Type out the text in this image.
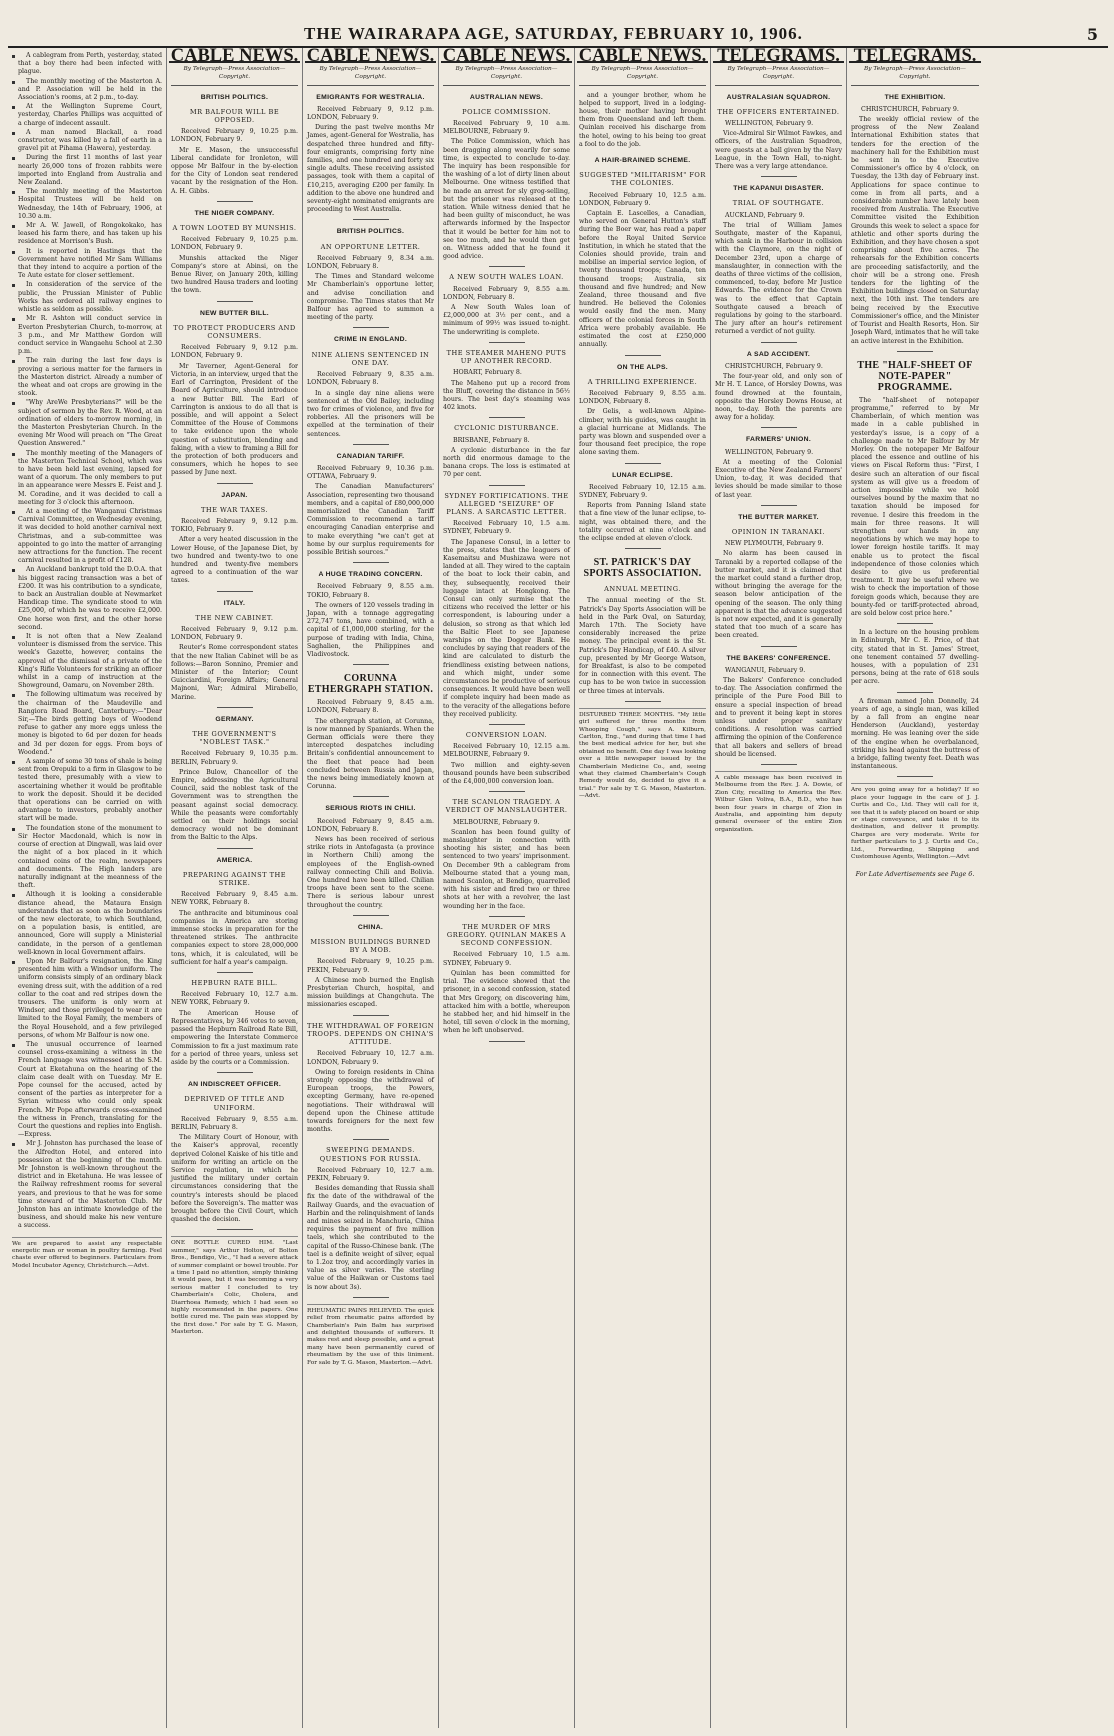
THE WAIRARAPA AGE, SATURDAY, FEBRUARY 10, 1906.	5

A cablegram from Perth, yesterday, stated that a boy there had been infected with plague.

The monthly meeting of the Masterton A. and P. Association will be held in the Association's rooms, at 2 p.m., to-day.

At the Wellington Supreme Court, yesterday, Charles Phillips was acquitted of a charge of indecent assault.

A man named Blackall, a road constructor, was killed by a fall of earth in a gravel pit at Pihama (Hawera), yesterday.

During the first 11 months of last year nearly 26,000 tons of frozen rabbits were imported into England from Australia and New Zealand.

The monthly meeting of the Masterton Hospital Trustees will be held on Wednesday, the 14th of February, 1906, at 10.30 a.m.

Mr A. W. Jawell, of Rongokokako, has leased his farm there, and has taken up his residence at Morrison's Bush.

It is reported in Hastings that the Government have notified Mr Sam Williams that they intend to acquire a portion of the Te Aute estate for closer settlement.

In consideration of the service of the public, the Prussian Minister of Public Works has ordered all railway engines to whistle as seldom as possible.

Mr R. Ashton will conduct service in Everton Presbyterian Church, to-morrow, at 3 p.m., and Mr Matthew Gordon will conduct service in Wangaehu School at 2.30 p.m.

The rain during the last few days is proving a serious matter for the farmers in the Masterton district. Already a number of the wheat and oat crops are growing in the stook.

"Why AreWe Presbyterians?" will be the subject of sermon by the Rev. R. Wood, at an ordination of elders to-morrow morning, in the Masterton Presbyterian Church. In the evening Mr Wood will preach on "The Great Question Answered."

The monthly meeting of the Managers of the Masterton Technical School, which was to have been held last evening, lapsed for want of a quorum. The only members to put in an appearance were Messrs E. Feist and J. M. Coradine, and it was decided to call a meeting for 3 o'clock this afternoon.

At a meeting of the Wanganui Christmas Carnival Committee, on Wednesday evening, it was decided to hold another carnival next Christmas, and a sub-committee was appointed to go into the matter of arranging new attractions for the function. The recent carnival resulted in a profit of £128.

An Auckland bankrupt told the D.O.A. that his biggest racing transaction was a bet of £200. It was his contribution to a syndicate, to back an Australian double at Newmarket Handicap time. The syndicate stood to win £25,000, of which he was to receive £2,000. One horse won first, and the other horse second.

It is not often that a New Zealand volunteer is dismissed from the service. This week's Gazette, however, contains the approval of the dismissal of a private of the King's Rifle Volunteers for striking an officer whilst in a camp of instruction at the Showground, Oamaru, on November 28th.

The following ultimatum was received by the chairman of the Maudeville and Rangiora Road Board, Canterbury:—"Dear Sir,—The birds getting boys of Woodend refuse to gather any more eggs unless the money is bigoted to 6d per dozen for heads and 3d per dozen for eggs. From boys of Woodend."

A sample of some 30 tons of shale is being sent from Orepuki to a firm in Glasgow to be tested there, presumably with a view to ascertaining whether it would be profitable to work the deposit. Should it be decided that operations can be carried on with advantage to investors, probably another start will be made.

The foundation stone of the monument to Sir Hector Macdonald, which is now in course of erection at Dingwall, was laid over the night of a box placed in it which contained coins of the realm, newspapers and documents. The High landers are naturally indignant at the meanness of the theft.

Although it is looking a considerable distance ahead, the Mataura Ensign understands that as soon as the boundaries of the new electorate, to which Southland, on a population basis, is entitled, are announced, Gore will supply a Ministerial candidate, in the person of a gentleman well-known in local Government affairs.

Upon Mr Balfour's resignation, the King presented him with a Windsor uniform. The uniform consists simply of an ordinary black evening dress suit, with the addition of a red collar to the coat and red stripes down the trousers. The uniform is only worn at Windsor, and those privileged to wear it are limited to the Royal Family, the members of the Royal Household, and a few privileged persons, of whom Mr Balfour is now one.

The unusual occurrence of learned counsel cross-examining a witness in the French language was witnessed at the S.M. Court at Eketahuna on the hearing of the claim case dealt with on Tuesday. Mr E. Pope counsel for the accused, acted by consent of the parties as interpreter for a Syrian witness who could only speak French. Mr Pope afterwards cross-examined the witness in French, translating for the Court the questions and replies into English.—Express.

Mr J. Johnston has purchased the lease of the Alfredton Hotel, and entered into possession at the beginning of the month. Mr Johnston is well-known throughout the district and in Eketahuna. He was lessee of the Railway refreshment rooms for several years, and previous to that he was for some time steward of the Masterton Club. Mr Johnston has an intimate knowledge of the business, and should make his new venture a success.

We are prepared to assist any respectable energetic man or woman in poultry farming. Feel chaste ever offered to beginners. Particulars from Model Incubator Agency, Christchurch.—Advt.
CABLE NEWS.
By Telegraph—Press Association—Copyright.
BRITISH POLITICS.
MR BALFOUR WILL BE OPPOSED.
Received February 9, 10.25 p.m. LONDON, February 9.

Mr E. Mason, the unsuccessful Liberal candidate for Ironleton, will oppose Mr Balfour in the by-election for the City of London seat rendered vacant by the resignation of the Hon. A. H. Gibbs.

THE NIGER COMPANY.
A TOWN LOOTED BY MUNSHIS.
Received February 9, 10.25 p.m. LONDON, February 9.

Munshis attacked the Niger Company's store at Abinsi, on the Benue River, on January 20th, killing two hundred Hausa traders and looting the town.

NEW BUTTER BILL.
TO PROTECT PRODUCERS AND CONSUMERS.
Received February 9, 9.12 p.m. LONDON, February 9.

Mr Taverner, Agent-General for Victoria, in an interview, urged that the Earl of Carrington, President of the Board of Agriculture, should introduce a new Butter Bill. The Earl of Carrington is anxious to do all that is possible, and will appoint a Select Committee of the House of Commons to take evidence upon the whole question of substitution, blending and faking, with a view to framing a Bill for the protection of both producers and consumers, which he hopes to see passed by June next.

JAPAN.
THE WAR TAXES.
Received February 9, 9.12 p.m. TOKIO, February 9.

After a very heated discussion in the Lower House, of the Japanese Diet, by two hundred and twenty-two to one hundred and twenty-five members agreed to a continuation of the war taxes.

ITALY.
THE NEW CABINET.
Received February 9, 9.12 p.m. LONDON, February 9.

Reuter's Rome correspondent states that the new Italian Cabinet will be as follows:—Baron Sonnino, Premier and Minister of the Interior; Count Guicciardini, Foreign Affairs; General Majnoni, War; Admiral Mirabello, Marine.

GERMANY.
THE GOVERNMENT'S "NOBLEST TASK."
Received February 9, 10.35 p.m. BERLIN, February 9.

Prince Bulow, Chancellor of the Empire, addressing the Agricultural Council, said the noblest task of the Government was to strengthen the peasant against social democracy. While the peasants were comfortably settled on their holdings social democracy would not be dominant from the Baltic to the Alps.

AMERICA.
PREPARING AGAINST THE STRIKE.
Received February 9, 8.45 a.m. NEW YORK, February 8.

The anthracite and bituminous coal companies in America are storing immense stocks in preparation for the threatened strikes. The anthracite companies expect to store 28,000,000 tons, which, it is calculated, will be sufficient for half a year's campaign.

HEPBURN RATE BILL.
Received February 10, 12.7 a.m. NEW YORK, February 9.

The American House of Representatives, by 346 votes to seven, passed the Hepburn Railroad Rate Bill, empowering the Interstate Commerce Commission to fix a just maximum rate for a period of three years, unless set aside by the courts or a Commission.

AN INDISCREET OFFICER.
DEPRIVED OF TITLE AND UNIFORM.
Received February 9, 8.55 a.m. BERLIN, February 8.

The Military Court of Honour, with the Kaiser's approval, recently deprived Colonel Kaiske of his title and uniform for writing an article on the Service regulation, in which he justified the military under certain circumstances considering that the country's interests should be placed before the Sovereign's. The matter was brought before the Civil Court, which quashed the decision.

ONE BOTTLE CURED HIM. "Last summer," says Arthur Holton, of Bolton Bros., Bendigo, Vic., "I had a severe attack of summer complaint or bowel trouble. For a time I paid no attention, simply thinking it would pass, but it was becoming a very serious matter I concluded to try Chamberlain's Colic, Cholera, and Diarrhoea Remedy, which I had seen so highly recommended in the papers. One bottle cured me. The pain was stopped by the first dose." For sale by T. G. Mason, Masterton.
CABLE NEWS.
By Telegraph—Press Association—Copyright.
EMIGRANTS FOR WESTRALIA.
Received February 9, 9.12 p.m. LONDON, February 9.

During the past twelve months Mr James, agent-General for Westralia, has despatched three hundred and fifty-four emigrants, comprising forty nine families, and one hundred and forty six single adults. These receiving assisted passages, took with them a capital of £10,215, averaging £200 per family. In addition to the above one hundred and seventy-eight nominated emigrants are proceeding to West Australia.

BRITISH POLITICS.
AN OPPORTUNE LETTER.
Received February 9, 8.34 a.m. LONDON, February 8.

The Times and Standard welcome Mr Chamberlain's opportune letter, and advise conciliation and compromise. The Times states that Mr Balfour has agreed to summon a meeting of the party.

CRIME IN ENGLAND.
NINE ALIENS SENTENCED IN ONE DAY.
Received February 9, 8.35 a.m. LONDON, February 8.

In a single day nine aliens were sentenced at the Old Bailey, including two for crimes of violence, and five for robberies. All the prisoners will be expelled at the termination of their sentences.

CANADIAN TARIFF.
Received February 9, 10.36 p.m. OTTAWA, February 9.

The Canadian Manufacturers' Association, representing two thousand members, and a capital of £80,000,000 memorialized the Canadian Tariff Commission to recommend a tariff encouraging Canadian enterprise and to make everything "we can't get at home by our surplus requirements for possible British sources."

A HUGE TRADING CONCERN.
Received February 9, 8.55 a.m. TOKIO, February 8.

The owners of 120 vessels trading in Japan, with a tonnage aggregating 272,747 tons, have combined, with a capital of £1,000,000 sterling, for the purpose of trading with India, China, Saghalien, the Philippines and Vladivostock.

CORUNNA ETHERGRAPH STATION.
Received February 9, 8.45 a.m. LONDON, February 8.

The ethergraph station, at Corunna, is now manned by Spaniards. When the German officials were there they intercepted despatches including Britain's confidential announcement to the fleet that peace had been concluded between Russia and Japan, the news being immediately known at Corunna.

SERIOUS RIOTS IN CHILI.
Received February 9, 8.45 a.m. LONDON, February 8.

News has been received of serious strike riots in Antofagasta (a province in Northern Chili) among the employees of the English-owned railway connecting Chili and Bolivia. One hundred have been killed. Chilian troops have been sent to the scene. There is serious labour unrest throughout the country.

CHINA.
MISSION BUILDINGS BURNED BY A MOB.
Received February 9, 10.25 p.m. PEKIN, February 9.

A Chinese mob burned the English Presbyterian Church, hospital, and mission buildings at Changchuta. The missionaries escaped.

THE WITHDRAWAL OF FOREIGN TROOPS. DEPENDS ON CHINA'S ATTITUDE.
Received February 10, 12.7 a.m. LONDON, February 9.

Owing to foreign residents in China strongly opposing the withdrawal of European troops, the Powers, excepting Germany, have re-opened negotiations. Their withdrawal will depend upon the Chinese attitude towards foreigners for the next few months.

SWEEPING DEMANDS. QUESTIONS FOR RUSSIA.
Received February 10, 12.7 a.m. PEKIN, February 9.

Besides demanding that Russia shall fix the date of the withdrawal of the Railway Guards, and the evacuation of Harbin and the relinquishment of lands and mines seized in Manchuria, China requires the payment of five million taels, which she contributed to the capital of the Russo-Chinese bank. (The tael is a definite weight of silver, equal to 1.2oz troy, and accordingly varies in value as silver varies. The sterling value of the Haikwan or Customs tael is now about 3s).

RHEUMATIC PAINS RELIEVED. The quick relief from rheumatic pains afforded by Chamberlain's Pain Balm has surprised and delighted thousands of sufferers. It makes rest and sleep possible, and a great many have been permanently cured of rheumatism by the use of this liniment. For sale by T. G. Mason, Masterton.—Advt.
CABLE NEWS.
By Telegraph—Press Association—Copyright.
AUSTRALIAN NEWS.
POLICE COMMISSION.
Received February 9, 10 a.m. MELBOURNE, February 9.

The Police Commission, which has been dragging along wearily for some time, is expected to conclude to-day. The inquiry has been responsible for the washing of a lot of dirty linen about Melbourne. One witness testified that he made an arrest for sly grog-selling, but the prisoner was released at the station. While witness denied that he had been guilty of misconduct, he was afterwards informed by the Inspector that it would be better for him not to see too much, and he would then get on. Witness added that he found it good advice.

A NEW SOUTH WALES LOAN.
Received February 9, 8.55 a.m. LONDON, February 8.

A New South Wales loan of £2,000,000 at 3½ per cent., and a minimum of 99½ was issued to-night. The underwriting is complete.

THE STEAMER MAHENO PUTS UP ANOTHER RECORD.
HOBART, February 8.

The Maheno put up a record from the Bluff, covering the distance in 56½ hours. The best day's steaming was 402 knots.

CYCLONIC DISTURBANCE.
BRISBANE, February 8.

A cyclonic disturbance in the far north did enormous damage to the banana crops. The loss is estimated at 70 per cent.

SYDNEY FORTIFICATIONS. THE ALLEGED "SEIZURE" OF PLANS. A SARCASTIC LETTER.
Received February 10, 1.5 a.m. SYDNEY, February 9.

The Japanese Consul, in a letter to the press, states that the leaguers of Kasemaitsu and Mushizawa were not landed at all. They wired to the captain of the boat to lock their cabin, and they, subsequently, received their luggage intact at Hongkong. The Consul can only surmise that the citizens who received the letter or his correspondent, is labouring under a delusion, so strong as that which led the Baltic Fleet to see Japanese warships on the Dogger Bank. He concludes by saying that readers of the kind are calculated to disturb the friendliness existing between nations, and which might, under some circumstances be productive of serious consequences. It would have been well if complete inquiry had been made as to the veracity of the allegations before they received publicity.

CONVERSION LOAN.
Received February 10, 12.15 a.m. MELBOURNE, February 9.

Two million and eighty-seven thousand pounds have been subscribed of the £4,000,000 conversion loan.

THE SCANLON TRAGEDY. A VERDICT OF MANSLAUGHTER.
MELBOURNE, February 9.

Scanlon has been found guilty of manslaughter in connection with shooting his sister, and has been sentenced to two years' imprisonment. On December 9th a cablegram from Melbourne stated that a young man, named Scanlon, at Bendigo, quarrelled with his sister and fired two or three shots at her with a revolver, the last wounding her in the face.

THE MURDER OF MRS GREGORY. QUINLAN MAKES A SECOND CONFESSION.
Received February 10, 1.5 a.m. SYDNEY, February 9.

Quinlan has been committed for trial. The evidence showed that the prisoner, in a second confession, stated that Mrs Gregory, on discovering him, attacked him with a bottle, whereupon he stabbed her, and hid himself in the hotel, till seven o'clock in the morning, when he left unobserved.

CABLE NEWS.
By Telegraph—Press Association—Copyright.

and a younger brother, whom he helped to support, lived in a lodging-house, their mother having brought them from Queensland and left them. Quinlan received his discharge from the hotel, owing to his being too great a fool to do the job.

A HAIR-BRAINED SCHEME.
SUGGESTED "MILITARISM" FOR THE COLONIES.
Received February 10, 12.5 a.m. LONDON, February 9.

Captain E. Lascelles, a Canadian, who served on General Hutton's staff during the Boer war, has read a paper before the Royal United Service Institution, in which he stated that the Colonies should provide, train and mobilise an imperial service legion, of twenty thousand troops; Canada, ten thousand troops; Australia, six thousand and five hundred; and New Zealand, three thousand and five hundred. He believed the Colonies would easily find the men. Many officers of the colonial forces in South Africa were probably available. He estimated the cost at £250,000 annually.

ON THE ALPS.
A THRILLING EXPERIENCE.
Received February 9, 8.55 a.m. LONDON, February 8.

Dr Gelis, a well-known Alpine-climber, with his guides, was caught in a glacial hurricane at Midlands. The party was blown and suspended over a four thousand feet precipice, the rope alone saving them.

LUNAR ECLIPSE.
Received February 10, 12.15 a.m. SYDNEY, February 9.

Reports from Panning Island state that a fine view of the lunar eclipse, to-night, was obtained there, and the totality occurred at nine o'clock and the eclipse ended at eleven o'clock.

ST. PATRICK'S DAY SPORTS ASSOCIATION.
ANNUAL MEETING.

The annual meeting of the St. Patrick's Day Sports Association will be held in the Park Oval, on Saturday, March 17th. The Society have considerably increased the prize money. The principal event is the St. Patrick's Day Handicap, of £40. A silver cup, presented by Mr George Watson, for Breakfast, is also to be competed for in connection with this event. The cup has to be won twice in succession or three times at intervals.

DISTURBED THREE MONTHS. "My little girl suffered for three months from Whooping Cough," says A. Kilburn, Carlton, Eng., "and during that time I had the best medical advice for her, but she obtained no benefit. One day I was looking over a little newspaper issued by the Chamberlain Medicine Co., and, seeing what they claimed Chamberlain's Cough Remedy would do, decided to give it a trial." For sale by T. G. Mason, Masterton.—Advt.
TELEGRAMS.
By Telegraph—Press Association—Copyright.
AUSTRALASIAN SQUADRON.
THE OFFICERS ENTERTAINED.
WELLINGTON, February 9.

Vice-Admiral Sir Wilmot Fawkes, and officers, of the Australian Squadron, were guests at a ball given by the Navy League, in the Town Hall, to-night. There was a very large attendance.

THE KAPANUI DISASTER.
TRIAL OF SOUTHGATE.
AUCKLAND, February 9.

The trial of William James Southgate, master of the Kapanui, which sank in the Harbour in collision with the Claymore, on the night of December 23rd, upon a charge of manslaughter, in connection with the deaths of three victims of the collision, commenced, to-day, before Mr Justice Edwards. The evidence for the Crown was to the effect that Captain Southgate caused a breach of regulations by going to the starboard. The jury after an hour's retirement returned a verdict of not guilty.

A SAD ACCIDENT.
CHRISTCHURCH, February 9.

The four-year old, and only son of Mr H. T. Lance, of Horsley Downs, was found drowned at the fountain, opposite the Horsley Downs House, at noon, to-day. Both the parents are away for a holiday.

FARMERS' UNION.
WELLINGTON, February 9.

At a meeting of the Colonial Executive of the New Zealand Farmers' Union, to-day, it was decided that levies should be made similar to those of last year.

THE BUTTER MARKET.
OPINION IN TARANAKI.
NEW PLYMOUTH, February 9.

No alarm has been caused in Taranaki by a reported collapse of the butter market, and it is claimed that the market could stand a further drop, without bringing the average for the season below anticipation of the opening of the season. The only thing apparent is that the advance suggested is not now expected, and it is generally stated that too much of a scare has been created.

THE BAKERS' CONFERENCE.
WANGANUI, February 9.

The Bakers' Conference concluded to-day. The Association confirmed the principle of the Pure Food Bill to ensure a special inspection of bread and to prevent it being kept in stores unless under proper sanitary conditions. A resolution was carried affirming the opinion of the Conference that all bakers and sellers of bread should be licensed.

A cable message has been received in Melbourne from the Rev. J. A. Dowie, of Zion City, recalling to America the Rev. Wilbur Glen Voliva, B.A., B.D., who has been four years in charge of Zion in Australia, and appointing him deputy general overseer of the entire Zion organization.
TELEGRAMS.
By Telegraph—Press Association—Copyright.
THE EXHIBITION.
CHRISTCHURCH, February 9.

The weekly official review of the progress of the New Zealand International Exhibition states that tenders for the erection of the machinery hall for the Exhibition must be sent in to the Executive Commissioner's office by 4 o'clock, on Tuesday, the 13th day of February inst. Applications for space continue to come in from all parts, and a considerable number have lately been received from Australia. The Executive Committee visited the Exhibition Grounds this week to select a space for athletic and other sports during the Exhibition, and they have chosen a spot comprising about five acres. The rehearsals for the Exhibition concerts are proceeding satisfactorily, and the choir will be a strong one. Fresh tenders for the lighting of the Exhibition buildings closed on Saturday next, the 10th inst. The tenders are being received by the Executive Commissioner's office, and the Minister of Tourist and Health Resorts, Hon. Sir Joseph Ward, intimates that he will take an active interest in the Exhibition.

THE "HALF-SHEET OF NOTE-PAPER" PROGRAMME.

The "half-sheet of notepaper programme," referred to by Mr Chamberlain, of which mention was made in a cable published in yesterday's issue, is a copy of a challenge made to Mr Balfour by Mr Morley. On the notepaper Mr Balfour placed the essence and outline of his views on Fiscal Reform thus: "First, I desire such an alteration of our fiscal system as will give us a freedom of action impossible while we hold ourselves bound by the maxim that no taxation should be imposed for revenue. I desire this freedom in the main for three reasons. It will strengthen our hands in any negotiations by which we may hope to lower foreign hostile tariffs. It may enable us to protect the fiscal independence of those colonies which desire to give us preferential treatment. It may be useful where we wish to check the importation of those foreign goods which, because they are bounty-fed or tariff-protected abroad, are sold below cost price here."

In a lecture on the housing problem in Edinburgh, Mr C. E. Price, of that city, stated that in St. James' Street, one tenement contained 57 dwelling-houses, with a population of 231 persons, being at the rate of 618 souls per acre.

A fireman named John Donnelly, 24 years of age, a single man, was killed by a fall from an engine near Henderson (Auckland), yesterday morning. He was leaning over the side of the engine when he overbalanced, striking his head against the buttress of a bridge, falling twenty feet. Death was instantaneous.

Are you going away for a holiday? If so place your luggage in the care of J. J. Curtis and Co., Ltd. They will call for it, see that it is safely placed on board or ship or stage conveyance, and take it to its destination, and deliver it promptly. Charges are very moderate. Write for further particulars to J. J. Curtis and Co., Ltd., Forwarding, Shipping and Customhouse Agents, Wellington.—Advt
For Late Advertisements see Page 6.
